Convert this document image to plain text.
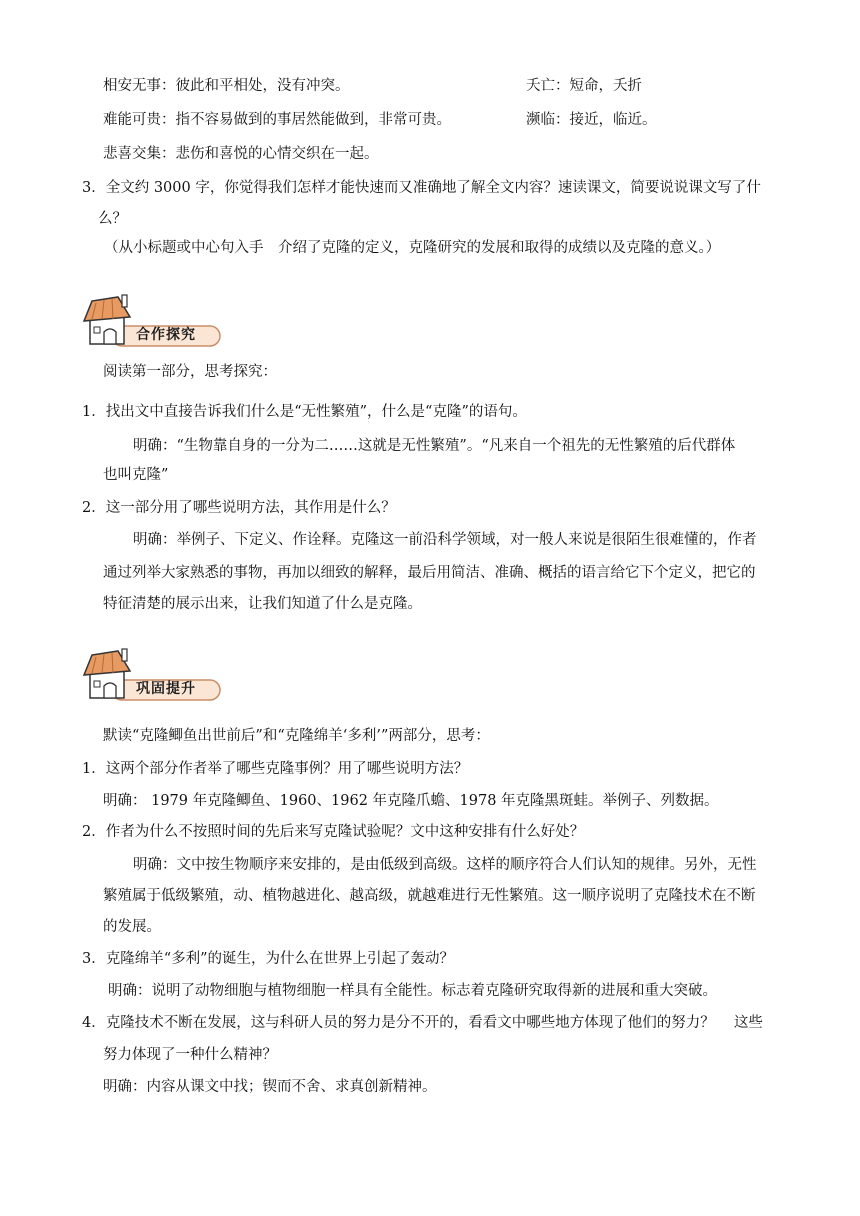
相安无事：彼此和平相处，没有冲突。	夭亡：短命，夭折
难能可贵：指不容易做到的事居然能做到，非常可贵。	濒临：接近，临近。
悲喜交集：悲伤和喜悦的心情交织在一起。
3．全文约 3000 字，你觉得我们怎样才能快速而又准确地了解全文内容？速读课文，简要说说课文写了什
么？
（从小标题或中心句入手　介绍了克隆的定义，克隆研究的发展和取得的成绩以及克隆的意义。）
合作探究
阅读第一部分，思考探究：
1．找出文中直接告诉我们什么是“无性繁殖”，什么是“克隆”的语句。
明确：“生物靠自身的一分为二……这就是无性繁殖”。“凡来自一个祖先的无性繁殖的后代群体
也叫克隆”
2．这一部分用了哪些说明方法，其作用是什么？
明确：举例子、下定义、作诠释。克隆这一前沿科学领域，对一般人来说是很陌生很难懂的，作者
通过列举大家熟悉的事物，再加以细致的解释，最后用简洁、准确、概括的语言给它下个定义，把它的
特征清楚的展示出来，让我们知道了什么是克隆。
巩固提升
默读“克隆鲫鱼出世前后”和“克隆绵羊‘多利’”两部分，思考：
1．这两个部分作者举了哪些克隆事例？用了哪些说明方法？
明确： 1979 年克隆鲫鱼、1960、1962 年克隆爪蟾、1978 年克隆黑斑蛙。举例子、列数据。
2．作者为什么不按照时间的先后来写克隆试验呢？文中这种安排有什么好处？
明确：文中按生物顺序来安排的，是由低级到高级。这样的顺序符合人们认知的规律。另外，无性
繁殖属于低级繁殖，动、植物越进化、越高级，就越难进行无性繁殖。这一顺序说明了克隆技术在不断
的发展。
3．克隆绵羊“多利”的诞生，为什么在世界上引起了轰动？
明确：说明了动物细胞与植物细胞一样具有全能性。标志着克隆研究取得新的进展和重大突破。
4．克隆技术不断在发展，这与科研人员的努力是分不开的，看看文中哪些地方体现了他们的努力？　 这些
努力体现了一种什么精神？
明确：内容从课文中找；锲而不舍、求真创新精神。
